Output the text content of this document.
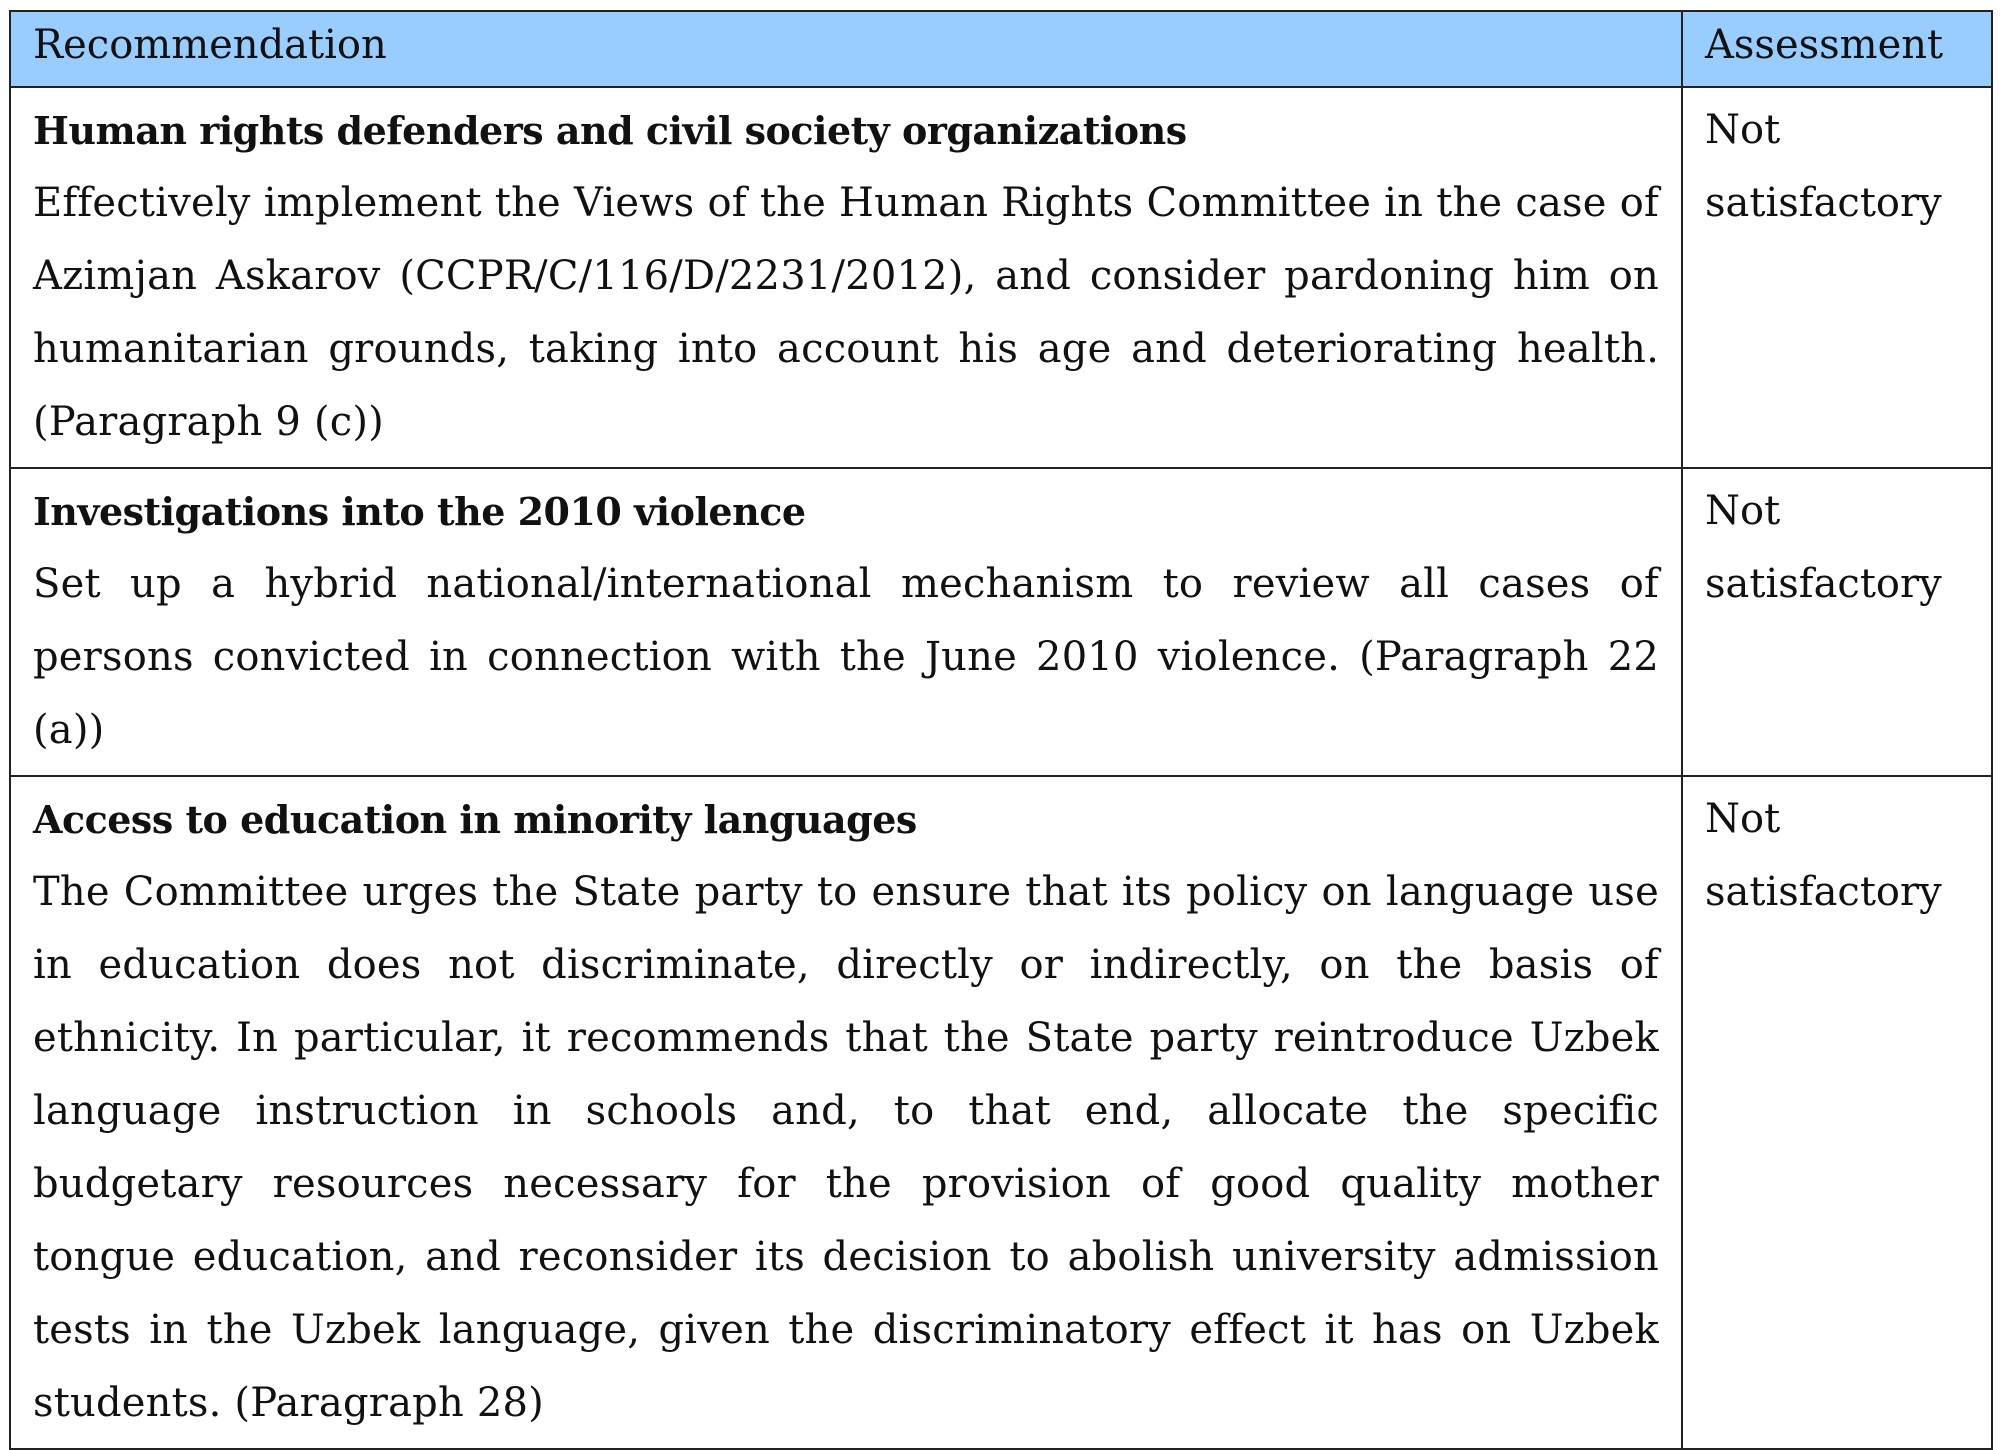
Recommendation	Assessment
Human rights defenders and civil society organizations
Effectively implement the Views of the Human Rights Committee in the case of Azimjan Askarov (CCPR/C/116/D/2231/2012), and consider pardoning him on humanitarian grounds, taking into account his age and deteriorating health. (Paragraph 9 (c))
Not satisfactory
Investigations into the 2010 violence
Set up a hybrid national/international mechanism to review all cases of persons convicted in connection with the June 2010 violence. (Paragraph 22 (a))
Not satisfactory
Access to education in minority languages
The Committee urges the State party to ensure that its policy on language use in education does not discriminate, directly or indirectly, on the basis of ethnicity. In particular, it recommends that the State party reintroduce Uzbek language instruction in schools and, to that end, allocate the specific budgetary resources necessary for the provision of good quality mother tongue education, and reconsider its decision to abolish university admission tests in the Uzbek language, given the discriminatory effect it has on Uzbek students. (Paragraph 28)
Not satisfactory
